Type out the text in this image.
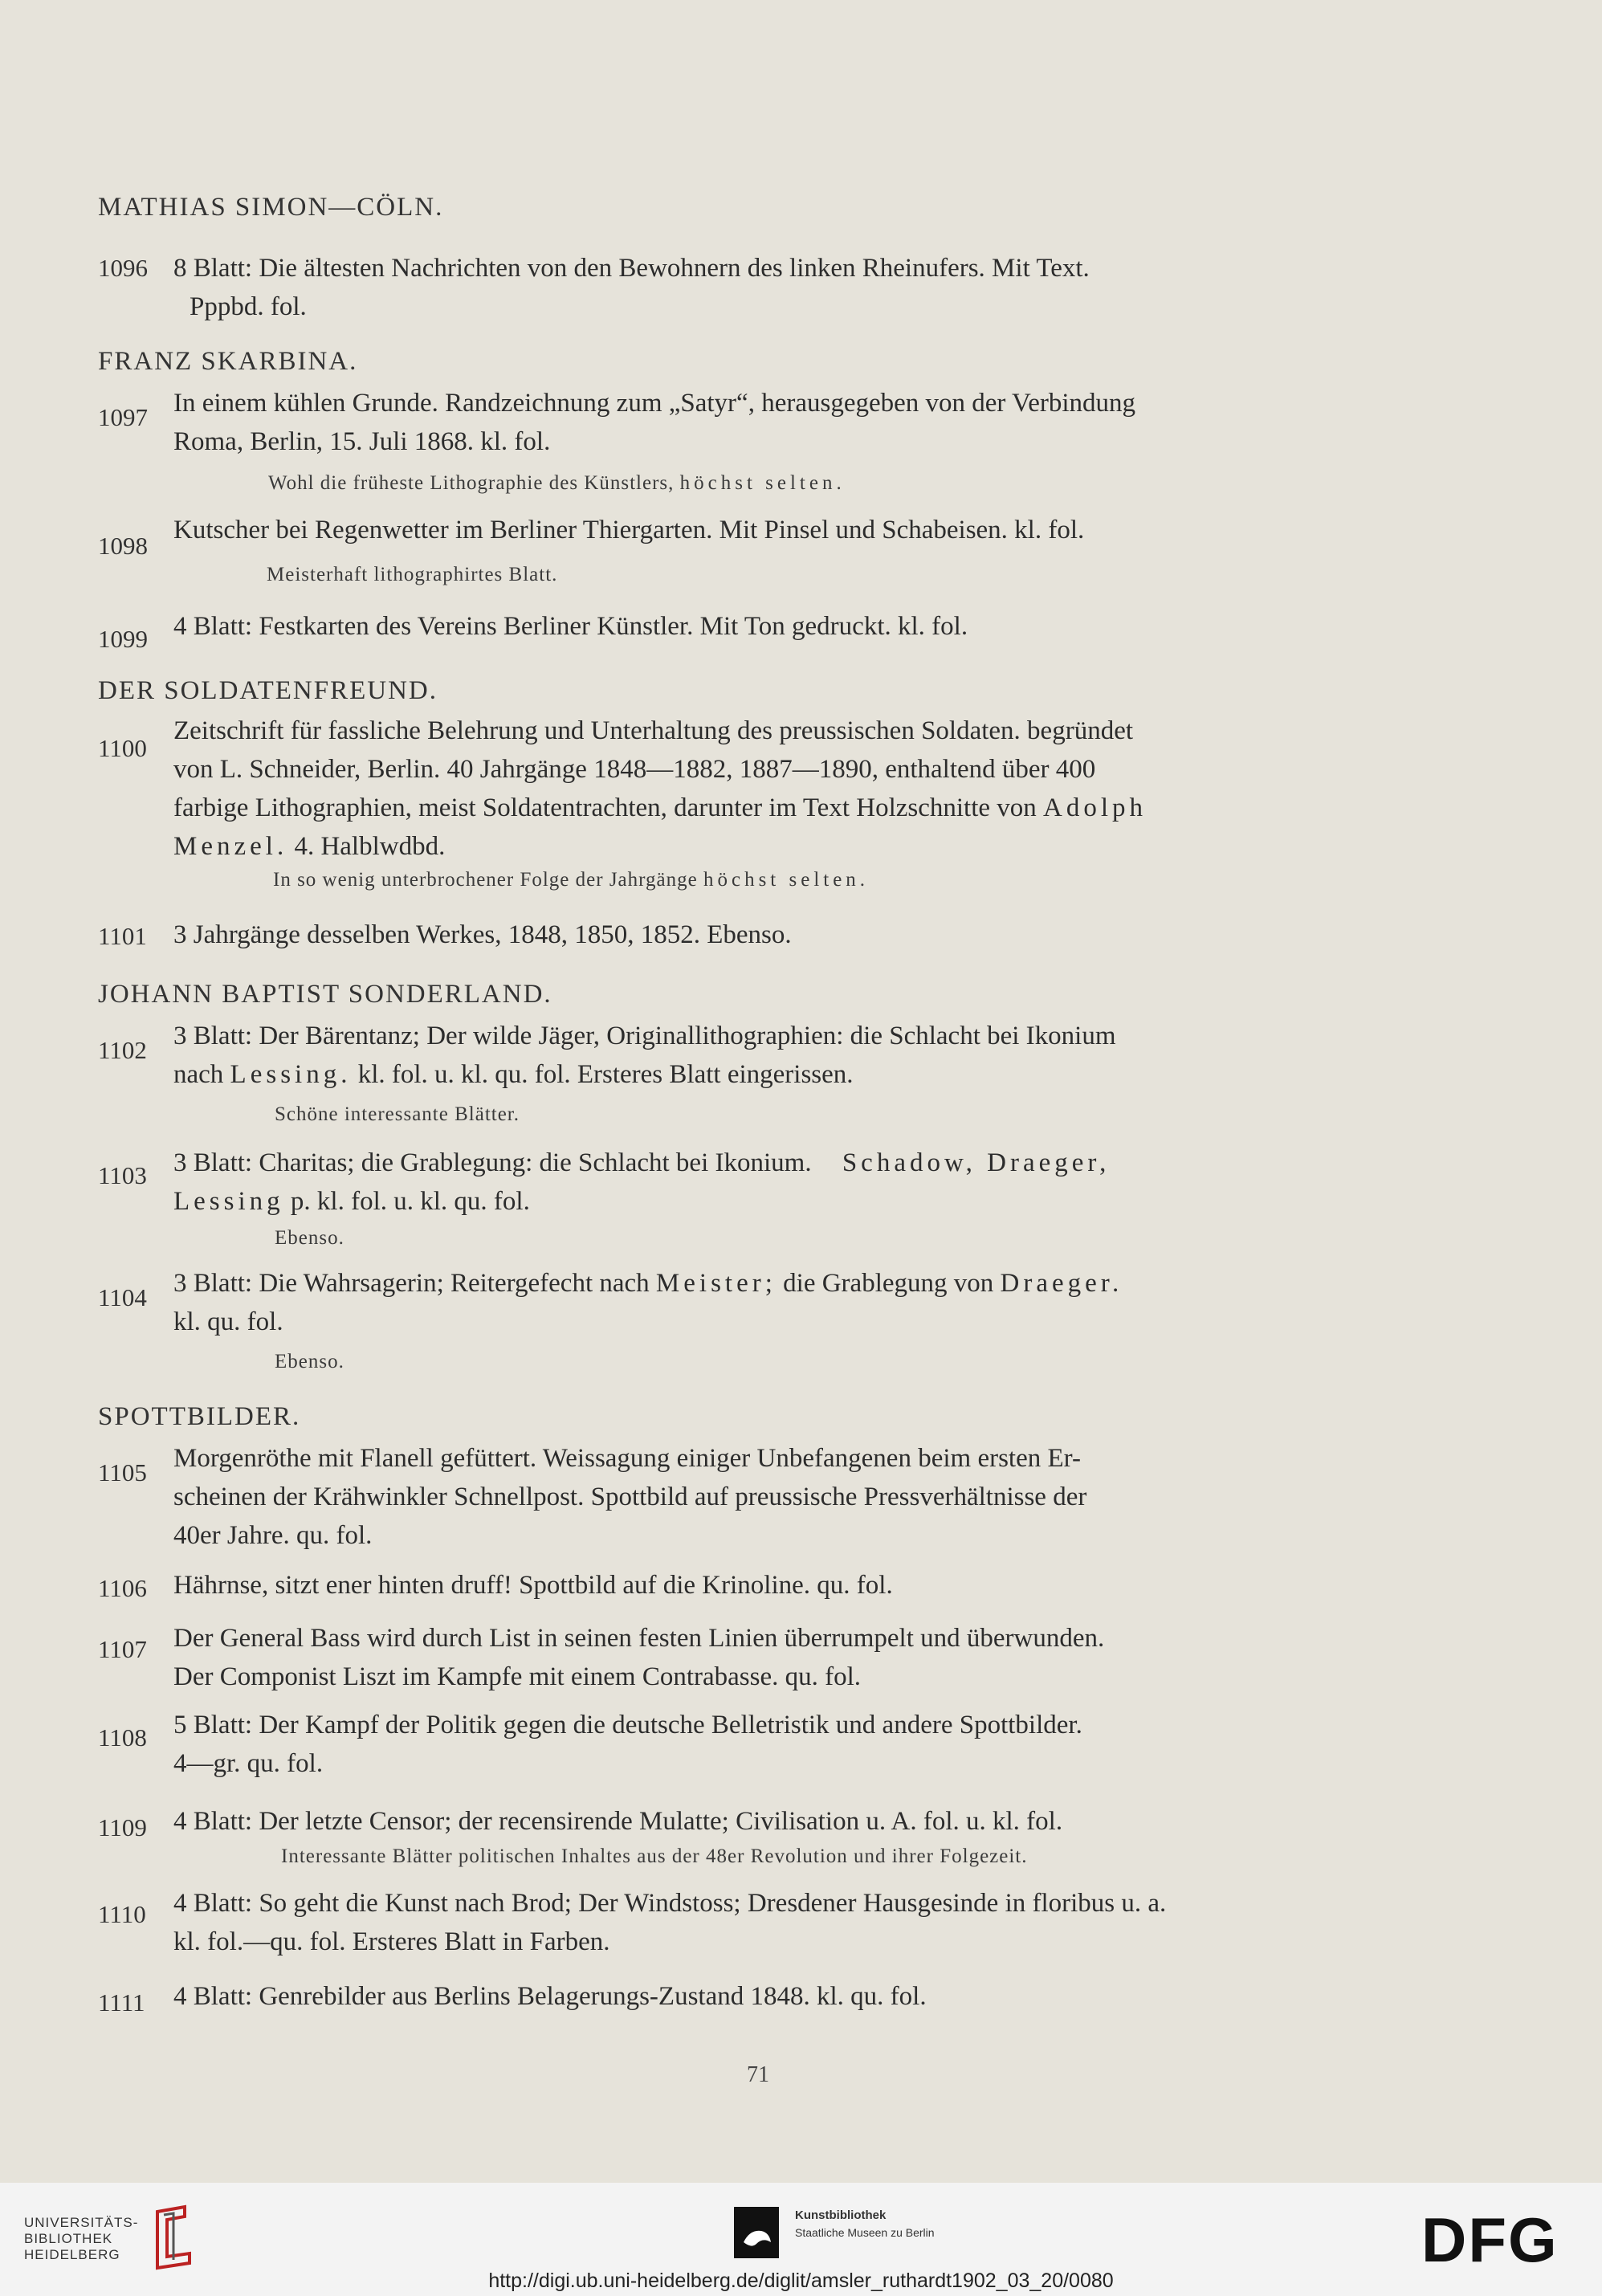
MATHIAS SIMON—CÖLN.
1096 8 Blatt: Die ältesten Nachrichten von den Bewohnern des linken Rheinufers. Mit Text.
Pppbd. fol.
FRANZ SKARBINA.
1097 In einem kühlen Grunde. Randzeichnung zum „Satyr“, herausgegeben von der Verbindung
Roma, Berlin, 15. Juli 1868. kl. fol.
Wohl die früheste Lithographie des Künstlers, höchst selten.
1098
Kutscher bei Regenwetter im Berliner Thiergarten. Mit Pinsel und Schabeisen. kl. fol.
Meisterhaft lithographirtes Blatt.
1099 4 Blatt: Festkarten des Vereins Berliner Künstler. Mit Ton gedruckt. kl. fol.
DER SOLDATENFREUND.
1100
Zeitschrift für fassliche Belehrung und Unterhaltung des preussischen Soldaten. begründet
von L. Schneider, Berlin. 40 Jahrgänge 1848—1882, 1887—1890, enthaltend über 400
farbige Lithographien, meist Soldatentrachten, darunter im Text Holzschnitte von Adolph
Menzel. 4. Halblwdbd.
In so wenig unterbrochener Folge der Jahrgänge höchst selten.
1101 3 Jahrgänge desselben Werkes, 1848, 1850, 1852. Ebenso.
JOHANN BAPTIST SONDERLAND.
1102 3 Blatt: Der Bärentanz; Der wilde Jäger, Originallithographien: die Schlacht bei Ikonium
nach Lessing. kl. fol. u. kl. qu. fol. Ersteres Blatt eingerissen.
Schöne interessante Blätter.
1103 3 Blatt: Charitas; die Grablegung: die Schlacht bei Ikonium. Schadow, Draeger,
Lessing p. kl. fol. u. kl. qu. fol.
Ebenso.
1104 3 Blatt: Die Wahrsagerin; Reitergefecht nach Meister; die Grablegung von Draeger.
kl. qu. fol.
Ebenso.
SPOTTBILDER.
1105 Morgenröthe mit Flanell gefüttert. Weissagung einiger Unbefangenen beim ersten Er-
scheinen der Krähwinkler Schnellpost. Spottbild auf preussische Pressverhältnisse der
40er Jahre. qu. fol.
1106 Hährnse, sitzt ener hinten druff! Spottbild auf die Krinoline. qu. fol.
1107 Der General Bass wird durch List in seinen festen Linien überrumpelt und überwunden.
Der Componist Liszt im Kampfe mit einem Contrabasse. qu. fol.
1108 5 Blatt: Der Kampf der Politik gegen die deutsche Belletristik und andere Spottbilder.
4—gr. qu. fol.
1109 4 Blatt: Der letzte Censor; der recensirende Mulatte; Civilisation u. A. fol. u. kl. fol.
Interessante Blätter politischen Inhaltes aus der 48er Revolution und ihrer Folgezeit.
1110 4 Blatt: So geht die Kunst nach Brod; Der Windstoss; Dresdener Hausgesinde in floribus u. a.
kl. fol.—qu. fol. Ersteres Blatt in Farben.
1111 4 Blatt: Genrebilder aus Berlins Belagerungs-Zustand 1848. kl. qu. fol.
71
UNIVERSITÄTS-
BIBLIOTHEK
HEIDELBERG
Kunstbibliothek
Staatliche Museen zu Berlin	DFG
http://digi.ub.uni-heidelberg.de/diglit/amsler_ruthardt1902_03_20/0080
